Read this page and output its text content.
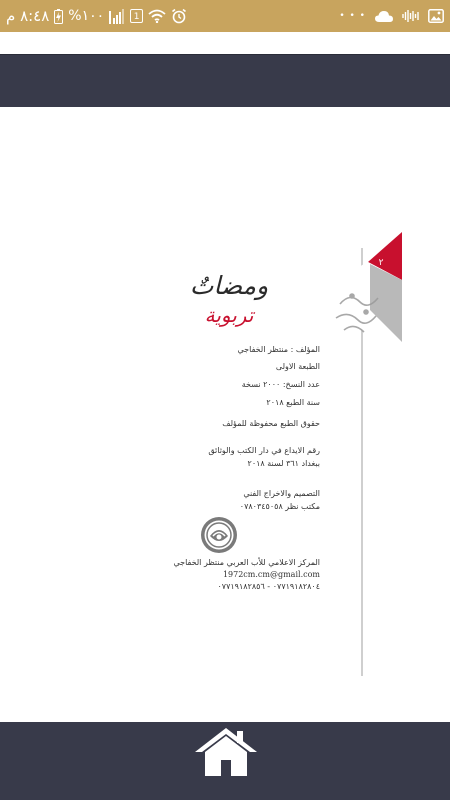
٨:٤٨ م %١٠٠	1	• • •
٢
ومضاتٌ
تربوية
المؤلف : منتظر الخفاجي
الطبعة الاولى
عدد النسخ: ٢٠٠٠ نسخة
سنة الطبع ٢٠١٨
حقوق الطبع محفوظة للمؤلف
رقم الايداع في دار الكتب والوثائق
ببغداد ٣٦١ لسنة ٢٠١٨
التصميم والاخراج الفني
مكتب نظر ٠٧٨٠٣٤٥٠٥٨
المركز الاعلامي للأب العربي منتظر الخفاجي
1972cm.cm@gmail.com
٠٧٧١٩١٨٢٨٠٤ - ٠٧٧١٩١٨٢٨٥٦
